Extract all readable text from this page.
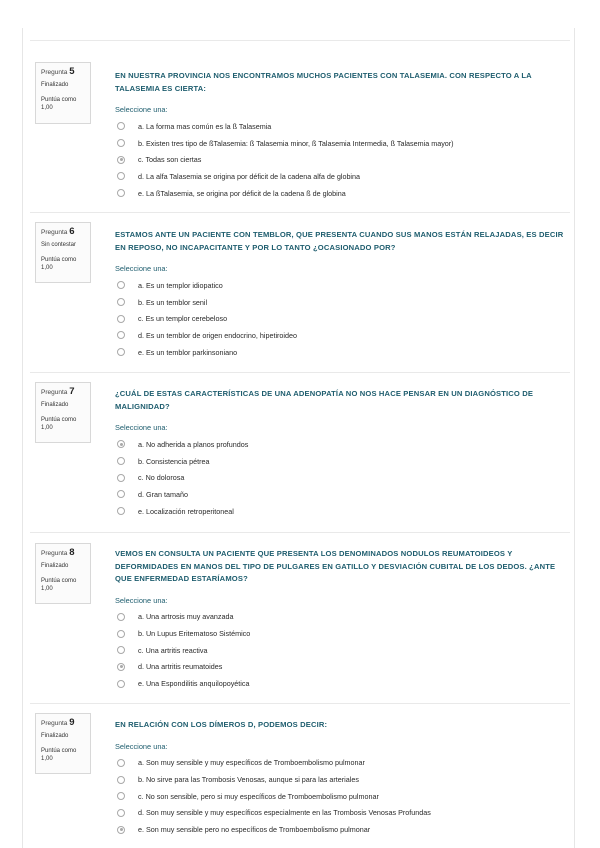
Pregunta 5
Finalizado
Puntúa como
1,00

EN NUESTRA PROVINCIA NOS ENCONTRAMOS MUCHOS PACIENTES CON TALASEMIA. CON RESPECTO A LA TALASEMIA ES CIERTA:

Seleccione una:
a. La forma mas común es la ß Talasemia
b. Existen tres tipo de ßTalasemia: ß Talasemia minor, ß Talasemia Intermedia, ß Talasemia mayor)
c. Todas son ciertas
d. La alfa Talasemia se origina por déficit de la cadena alfa de globina
e. La ßTalasemia, se origina por déficit de la cadena ß de globina
Pregunta 6
Sin contestar
Puntúa como
1,00

ESTAMOS ANTE UN PACIENTE CON TEMBLOR, QUE PRESENTA CUANDO SUS MANOS ESTÁN RELAJADAS, ES DECIR EN REPOSO, NO INCAPACITANTE Y POR LO TANTO ¿OCASIONADO POR?

Seleccione una:
a. Es un templor idiopatico
b. Es un temblor senil
c. Es un templor cerebeloso
d. Es un temblor de origen endocrino, hipetiroideo
e. Es un temblor parkinsoniano
Pregunta 7
Finalizado
Puntúa como
1,00

¿CUÁL DE ESTAS CARACTERÍSTICAS DE UNA ADENOPATÍA NO NOS HACE PENSAR EN UN DIAGNÓSTICO DE MALIGNIDAD?

Seleccione una:
a. No adherida a planos profundos
b. Consistencia pétrea
c. No dolorosa
d. Gran tamaño
e. Localización retroperitoneal
Pregunta 8
Finalizado
Puntúa como
1,00

VEMOS EN CONSULTA UN PACIENTE QUE PRESENTA LOS DENOMINADOS NODULOS REUMATOIDEOS Y DEFORMIDADES EN MANOS DEL TIPO DE PULGARES EN GATILLO Y DESVIACIÓN CUBITAL DE LOS DEDOS. ¿ANTE QUE ENFERMEDAD ESTARÍAMOS?

Seleccione una:
a. Una artrosis muy avanzada
b. Un Lupus Eritematoso Sistémico
c. Una artritis reactiva
d. Una artritis reumatoides
e. Una Espondilitis anquilopoyética
Pregunta 9
Finalizado
Puntúa como
1,00

EN RELACIÓN CON LOS DÍMEROS D, PODEMOS DECIR:

Seleccione una:
a. Son muy sensible y muy específicos de Tromboembolismo pulmonar
b. No sirve para las Trombosis Venosas, aunque si para las arteriales
c. No son sensible, pero si muy específicos de Tromboembolismo pulmonar
d. Son muy sensible y muy específicos especialmente en las Trombosis Venosas Profundas
e. Son muy sensible pero no específicos de Tromboembolismo pulmonar
